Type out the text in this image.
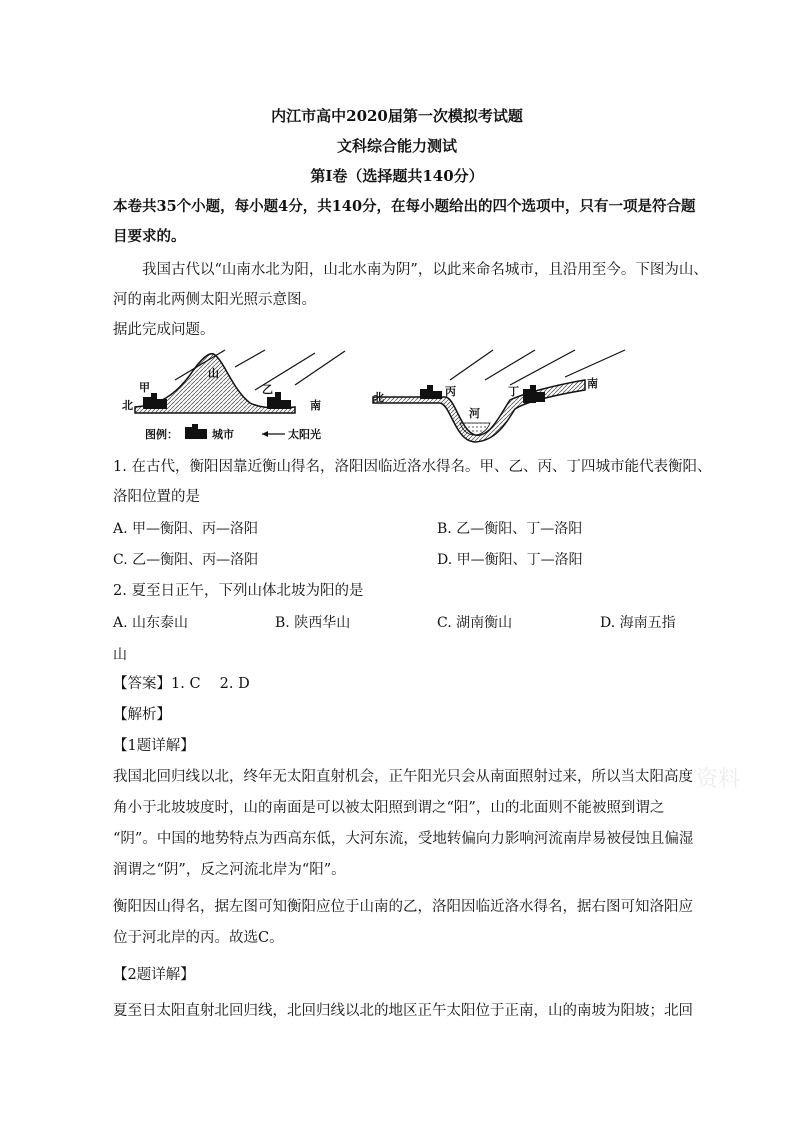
内江市高中2020届第一次模拟考试题
文科综合能力测试
第Ⅰ卷（选择题共140分）
本卷共35个小题，每小题4分，共140分，在每小题给出的四个选项中，只有一项是符合题
目要求的。
我国古代以“山南水北为阳，山北水南为阴”，以此来命名城市，且沿用至今。下图为山、
河的南北两侧太阳光照示意图。
据此完成问题。
山
甲	乙
北	南
图例：	城市	太阳光
北	丙
河
丁
南
1. 在古代，衡阳因靠近衡山得名，洛阳因临近洛水得名。甲、乙、丙、丁四城市能代表衡阳、
洛阳位置的是
A. 甲—衡阳、丙—洛阳	B. 乙—衡阳、丁—洛阳
C. 乙—衡阳、丙—洛阳	D. 甲—衡阳、丁—洛阳
2. 夏至日正午，下列山体北坡为阳的是
A. 山东泰山	B. 陕西华山	C. 湖南衡山	D. 海南五指
山
【答案】1. C　 2. D
【解析】
【1题详解】
我国北回归线以北，终年无太阳直射机会，正午阳光只会从南面照射过来，所以当太阳高度
角小于北坡坡度时，山的南面是可以被太阳照到谓之“阳”，山的北面则不能被照到谓之
“阴”。中国的地势特点为西高东低，大河东流，受地转偏向力影响河流南岸易被侵蚀且偏湿
润谓之“阴”，反之河流北岸为“阳”。
衡阳因山得名，据左图可知衡阳应位于山南的乙，洛阳因临近洛水得名，据右图可知洛阳应
位于河北岸的丙。故选C。
【2题详解】
夏至日太阳直射北回归线，北回归线以北的地区正午太阳位于正南，山的南坡为阳坡；北回
资料
